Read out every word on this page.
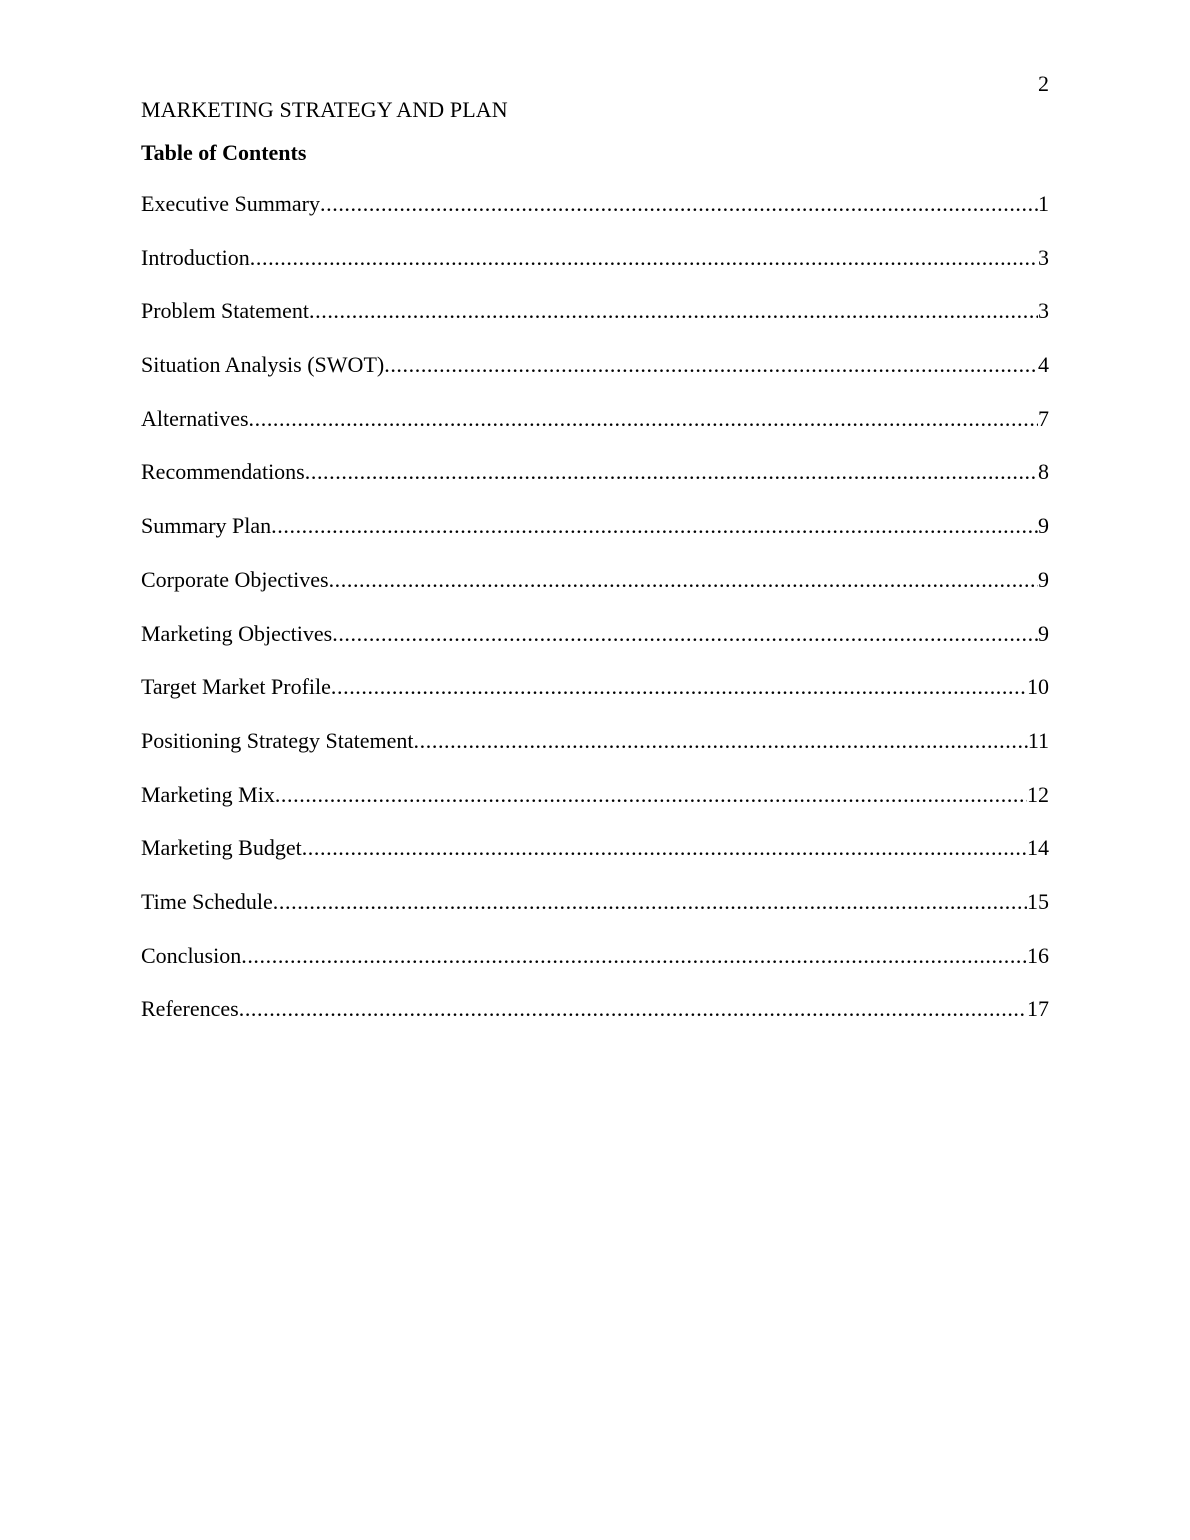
2
MARKETING STRATEGY AND PLAN
Table of Contents
Executive Summary .....	1
Introduction .....	3
Problem Statement .....	3
Situation Analysis (SWOT) .....	4
Alternatives .....	7
Recommendations .....	8
Summary Plan .....	9
Corporate Objectives .....	9
Marketing Objectives .....	9
Target Market Profile .....	10
Positioning Strategy Statement .....	11
Marketing Mix .....	12
Marketing Budget .....	14
Time Schedule .....	15
Conclusion .....	16
References .....	17
